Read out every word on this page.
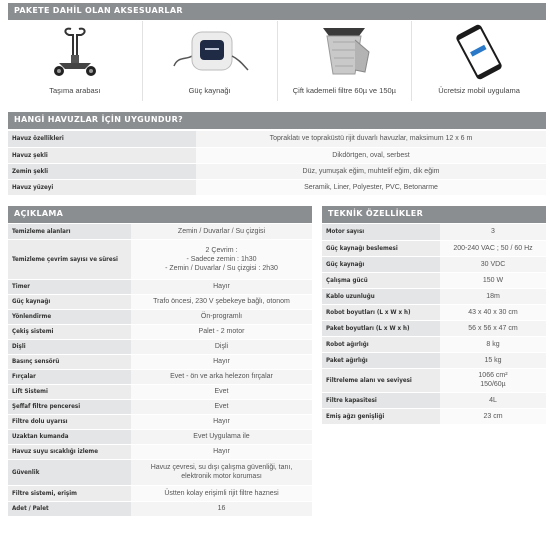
PAKETE DAHİL OLAN AKSESUARLAR
Taşıma arabası	Güç kaynağı	Çift kademeli filtre 60µ ve 150µ	Ücretsiz mobil uygulama
HANGİ HAVUZLAR İÇİN UYGUNDUR?
Havuz özellikleri	Topraklatı ve topraküstü rijit duvarlı havuzlar, maksimum 12 x 6 m
Havuz şekli	Dikdörtgen, oval, serbest
Zemin şekli	Düz, yumuşak eğim, muhtelif eğim, dik eğim
Havuz yüzeyi	Seramik, Liner, Polyester, PVC, Betonarme
AÇIKLAMA
Temizleme alanları	Zemin / Duvarlar / Su çizgisi
Temizleme çevrim sayısı ve süresi	2 Çevrim :
- Sadece zemin : 1h30
- Zemin / Duvarlar / Su çizgisi : 2h30
Timer	Hayır
Güç kaynağı	Trafo öncesi, 230 V şebekeye bağlı, otonom
Yönlendirme	Ön-programlı
Çekiş sistemi	Palet - 2 motor
Dişli	Dişli
Basınç sensörü	Hayır
Fırçalar	Evet - ön ve arka helezon fırçalar
Lift Sistemi	Evet
Şeffaf filtre penceresi	Evet
Filtre dolu uyarısı	Hayır
Uzaktan kumanda	Evet Uygulama ile
Havuz suyu sıcaklığı izleme	Hayır
Güvenlik	Havuz çevresi, su dışı çalışma güvenliği, tanı,
elektronik motor koruması
Filtre sistemi, erişim	Üstten kolay erişimli rijit filtre haznesi
Adet / Palet	16
TEKNİK ÖZELLİKLER
Motor sayısı	3
Güç kaynağı beslemesi	200-240 VAC ; 50 / 60 Hz
Güç kaynağı	30 VDC
Çalışma gücü	150 W
Kablo uzunluğu	18m
Robot boyutları (L x W x h)	43 x 40 x 30 cm
Paket boyutları (L x W x h)	56 x 56 x 47 cm
Robot ağırlığı	8 kg
Paket ağırlığı	15 kg
Filtreleme alanı ve seviyesi	1066 cm²
150/60µ
Filtre kapasitesi	4L
Emiş ağzı genişliği	23 cm
